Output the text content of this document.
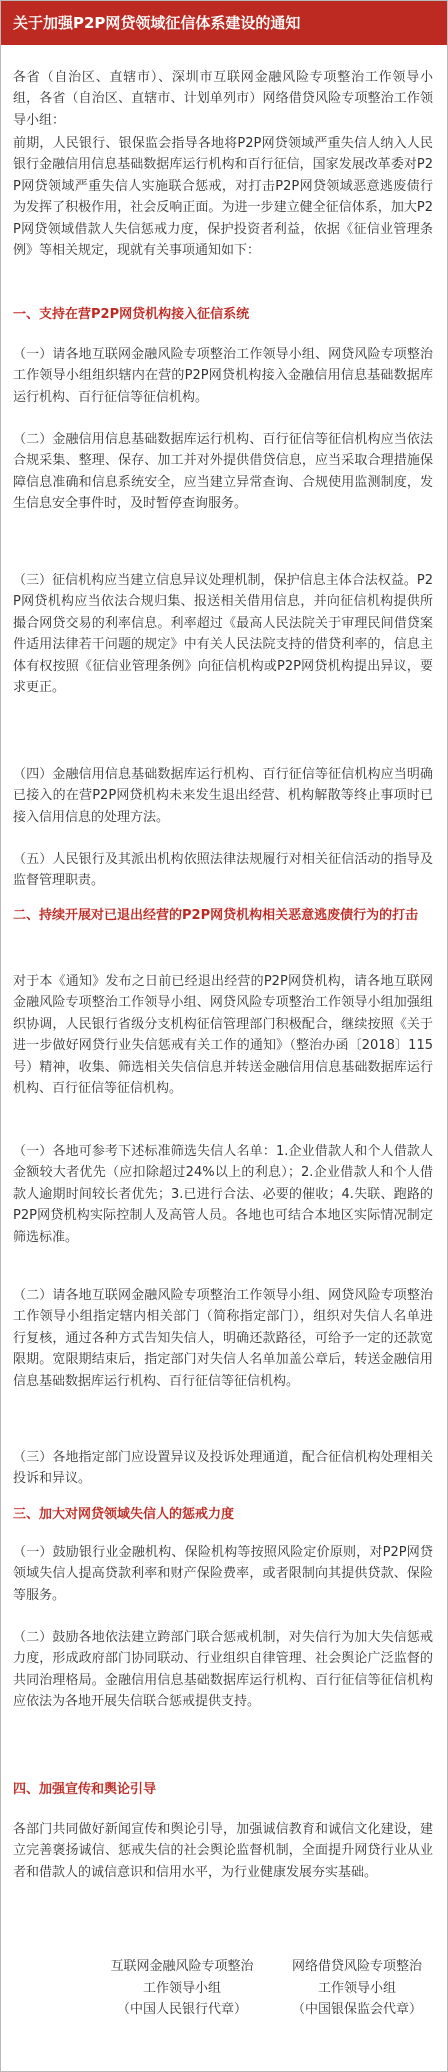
关于加强P2P网贷领域征信体系建设的通知

各省（自治区、直辖市）、深圳市互联网金融风险专项整治工作领导小组，各省（自治区、直辖市、计划单列市）网络借贷风险专项整治工作领导小组：

前期，人民银行、银保监会指导各地将P2P网贷领域严重失信人纳入人民银行金融信用信息基础数据库运行机构和百行征信，国家发展改革委对P2P网贷领域严重失信人实施联合惩戒，对打击P2P网贷领域恶意逃废债行为发挥了积极作用，社会反响正面。为进一步建立健全征信体系，加大P2P网贷领域借款人失信惩戒力度，保护投资者利益，依据《征信业管理条例》等相关规定，现就有关事项通知如下：

一、支持在营P2P网贷机构接入征信系统

（一）请各地互联网金融风险专项整治工作领导小组、网贷风险专项整治工作领导小组组织辖内在营的P2P网贷机构接入金融信用信息基础数据库运行机构、百行征信等征信机构。

（二）金融信用信息基础数据库运行机构、百行征信等征信机构应当依法合规采集、整理、保存、加工并对外提供借贷信息，应当采取合理措施保障信息准确和信息系统安全，应当建立异常查询、合规使用监测制度，发生信息安全事件时，及时暂停查询服务。

（三）征信机构应当建立信息异议处理机制，保护信息主体合法权益。P2P网贷机构应当依法合规归集、报送相关借用信息，并向征信机构提供所撮合网贷交易的利率信息。利率超过《最高人民法院关于审理民间借贷案件适用法律若干问题的规定》中有关人民法院支持的借贷利率的，信息主体有权按照《征信业管理条例》向征信机构或P2P网贷机构提出异议，要求更正。

（四）金融信用信息基础数据库运行机构、百行征信等征信机构应当明确已接入的在营P2P网贷机构未来发生退出经营、机构解散等终止事项时已接入信用信息的处理方法。

（五）人民银行及其派出机构依照法律法规履行对相关征信活动的指导及监督管理职责。

二、持续开展对已退出经营的P2P网贷机构相关恶意逃废债行为的打击

对于本《通知》发布之日前已经退出经营的P2P网贷机构，请各地互联网金融风险专项整治工作领导小组、网贷风险专项整治工作领导小组加强组织协调，人民银行省级分支机构征信管理部门积极配合，继续按照《关于进一步做好网贷行业失信惩戒有关工作的通知》（整治办函〔2018〕115号）精神，收集、筛选相关失信信息并转送金融信用信息基础数据库运行机构、百行征信等征信机构。

（一）各地可参考下述标准筛选失信人名单：1.企业借款人和个人借款人金额较大者优先（应扣除超过24%以上的利息）；2.企业借款人和个人借款人逾期时间较长者优先；3.已进行合法、必要的催收；4.失联、跑路的P2P网贷机构实际控制人及高管人员。各地也可结合本地区实际情况制定筛选标准。

（二）请各地互联网金融风险专项整治工作领导小组、网贷风险专项整治工作领导小组指定辖内相关部门（简称指定部门），组织对失信人名单进行复核，通过各种方式告知失信人，明确还款路径，可给予一定的还款宽限期。宽限期结束后，指定部门对失信人名单加盖公章后，转送金融信用信息基础数据库运行机构、百行征信等征信机构。

（三）各地指定部门应设置异议及投诉处理通道，配合征信机构处理相关投诉和异议。

三、加大对网贷领域失信人的惩戒力度

（一）鼓励银行业金融机构、保险机构等按照风险定价原则，对P2P网贷领域失信人提高贷款利率和财产保险费率，或者限制向其提供贷款、保险等服务。

（二）鼓励各地依法建立跨部门联合惩戒机制，对失信行为加大失信惩戒力度，形成政府部门协同联动、行业组织自律管理、社会舆论广泛监督的共同治理格局。金融信用信息基础数据库运行机构、百行征信等征信机构应依法为各地开展失信联合惩戒提供支持。

四、加强宣传和舆论引导

各部门共同做好新闻宣传和舆论引导，加强诚信教育和诚信文化建设，建立完善褒扬诚信、惩戒失信的社会舆论监督机制，全面提升网贷行业从业者和借款人的诚信意识和信用水平，为行业健康发展夯实基础。

互联网金融风险专项整治
工作领导小组
（中国人民银行代章）
网络借贷风险专项整治
工作领导小组
（中国银保监会代章）
